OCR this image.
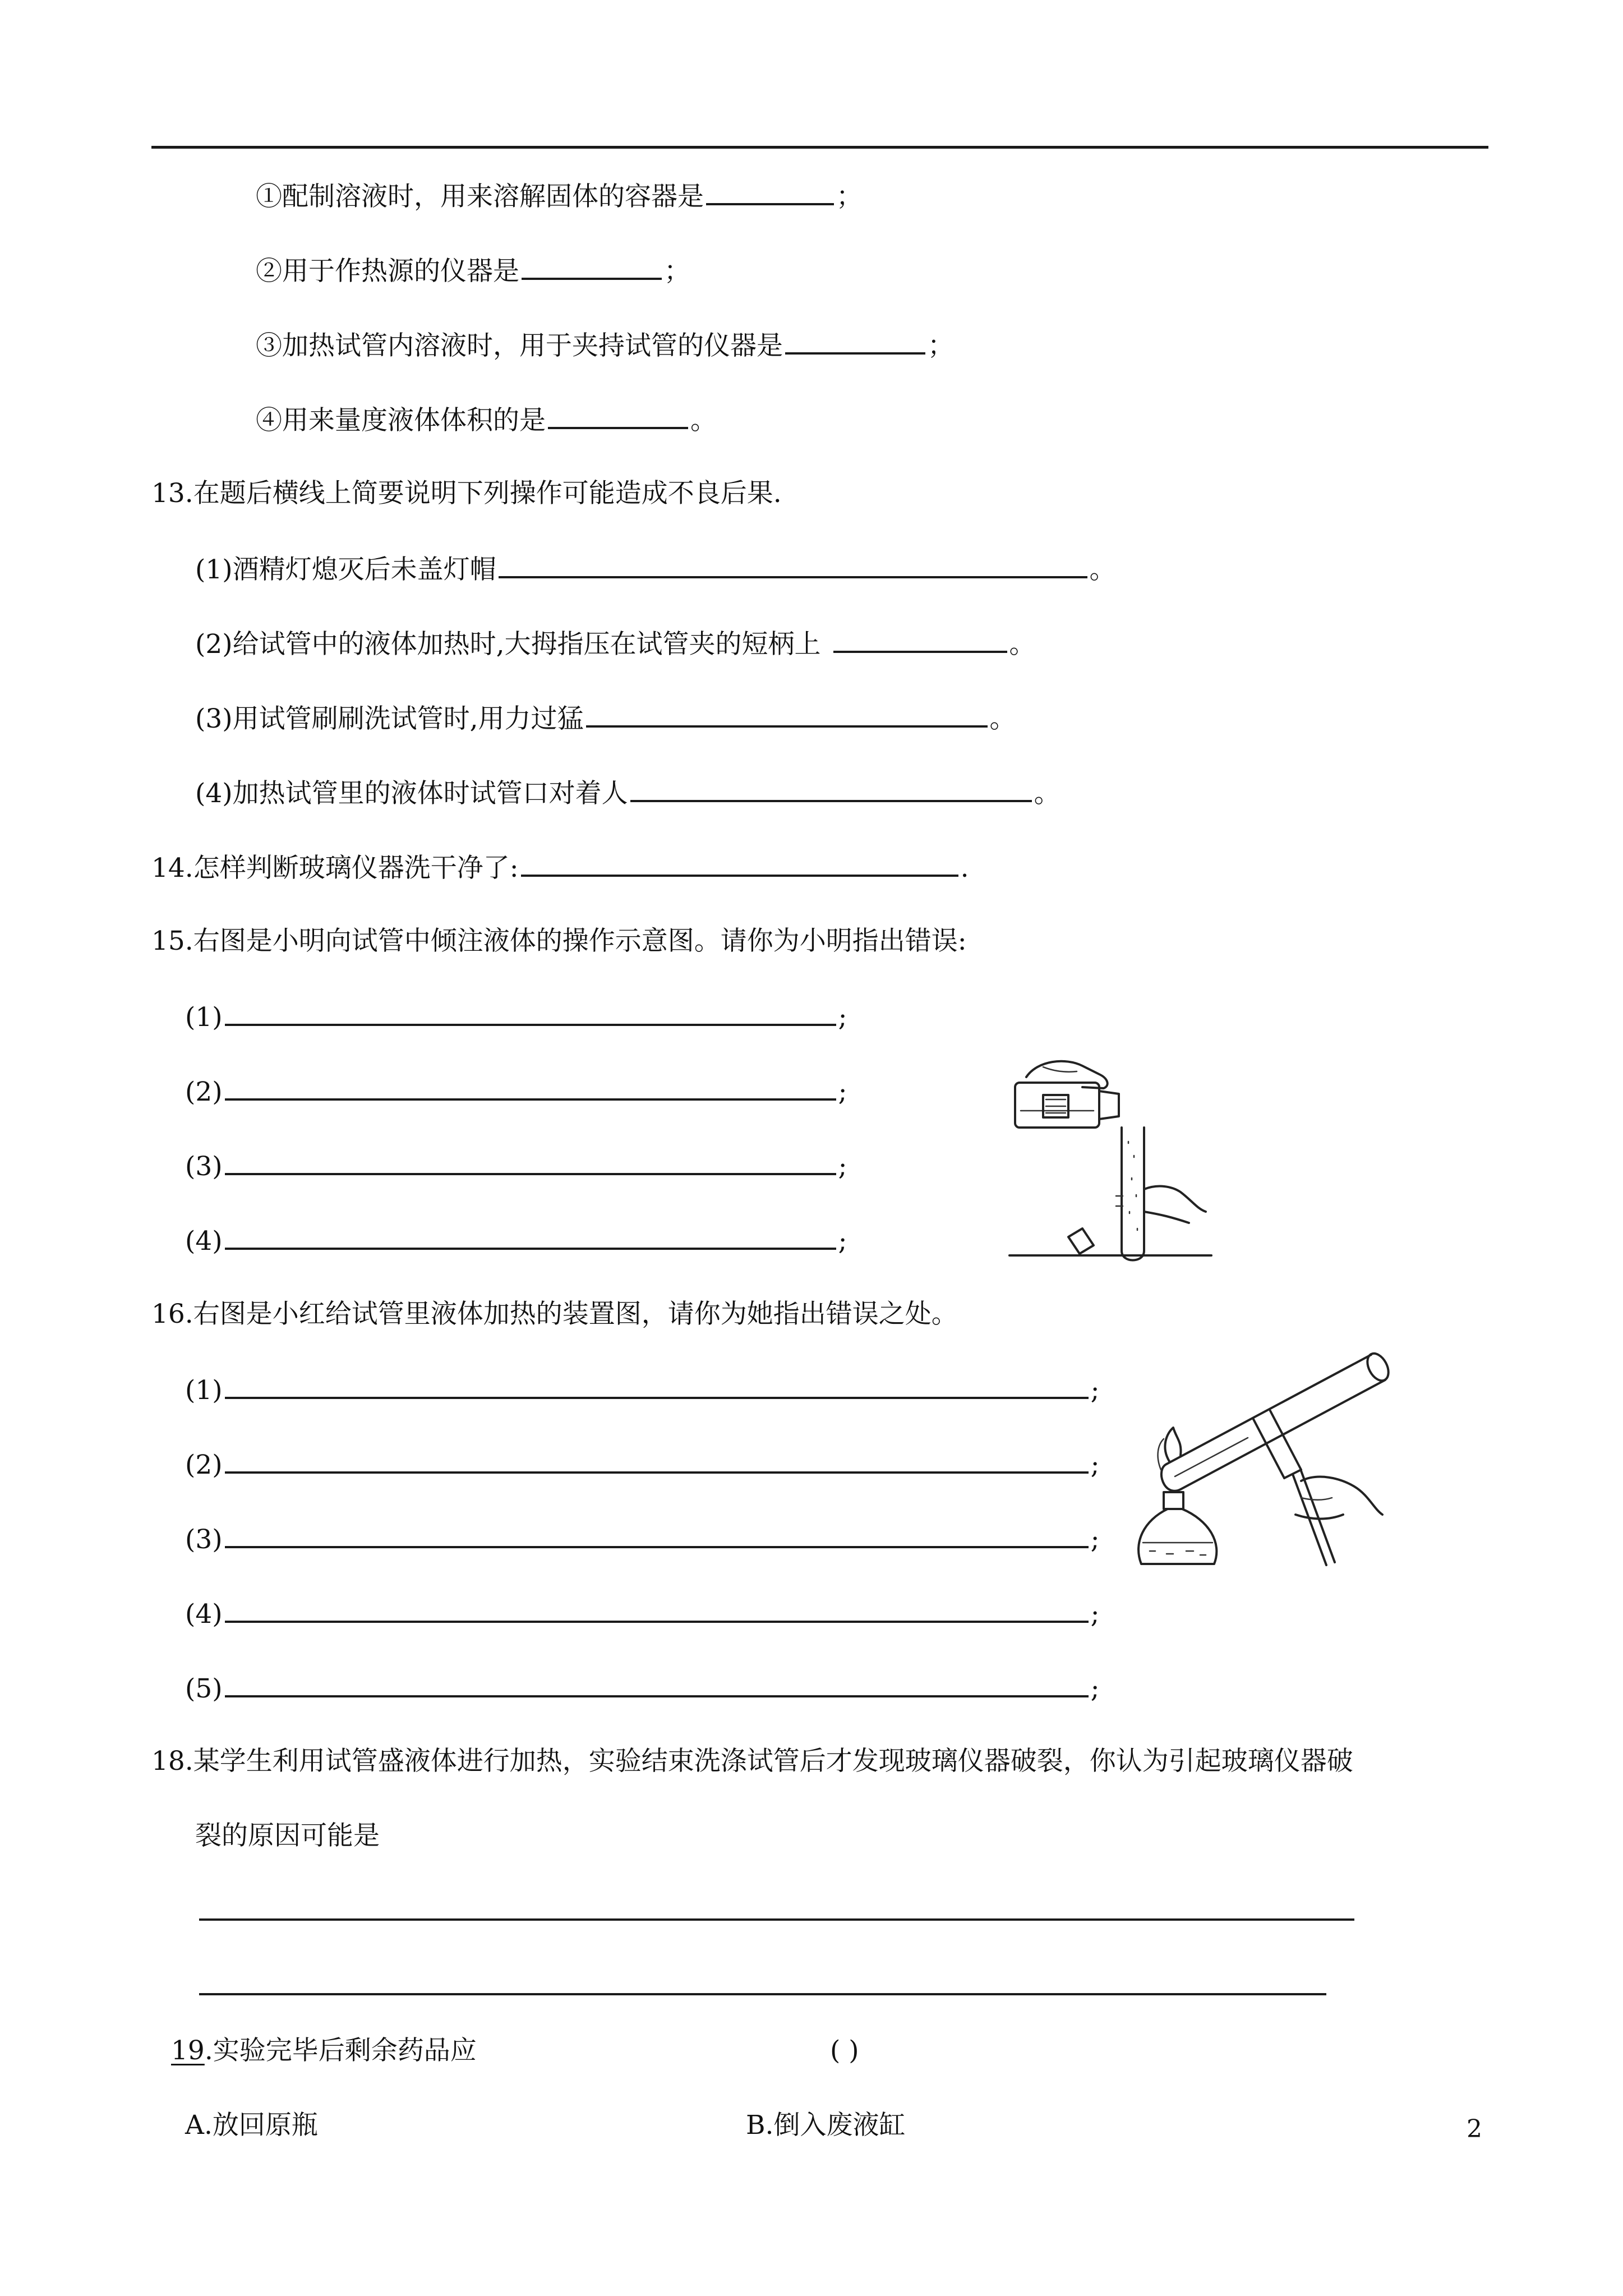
①配制溶液时，用来溶解固体的容器是	；
②用于作热源的仪器是	；
③加热试管内溶液时，用于夹持试管的仪器是	；
④用来量度液体体积的是	。
13.在题后横线上简要说明下列操作可能造成不良后果.
(1)酒精灯熄灭后未盖灯帽	。
(2)给试管中的液体加热时,大拇指压在试管夹的短柄上	。
(3)用试管刷刷洗试管时,用力过猛	。
(4)加热试管里的液体时试管口对着人	。
14.怎样判断玻璃仪器洗干净了:	.
15.右图是小明向试管中倾注液体的操作示意图。请你为小明指出错误:
(1)	;
(2)	;
(3)	;
(4)	;
16.右图是小红给试管里液体加热的装置图，请你为她指出错误之处。
(1)	;
(2)	;
(3)	;
(4)	;
(5)	;
18.某学生利用试管盛液体进行加热，实验结束洗涤试管后才发现玻璃仪器破裂，你认为引起玻璃仪器破
裂的原因可能是
19.实验完毕后剩余药品应	( )
A.放回原瓶	B.倒入废液缸	2
